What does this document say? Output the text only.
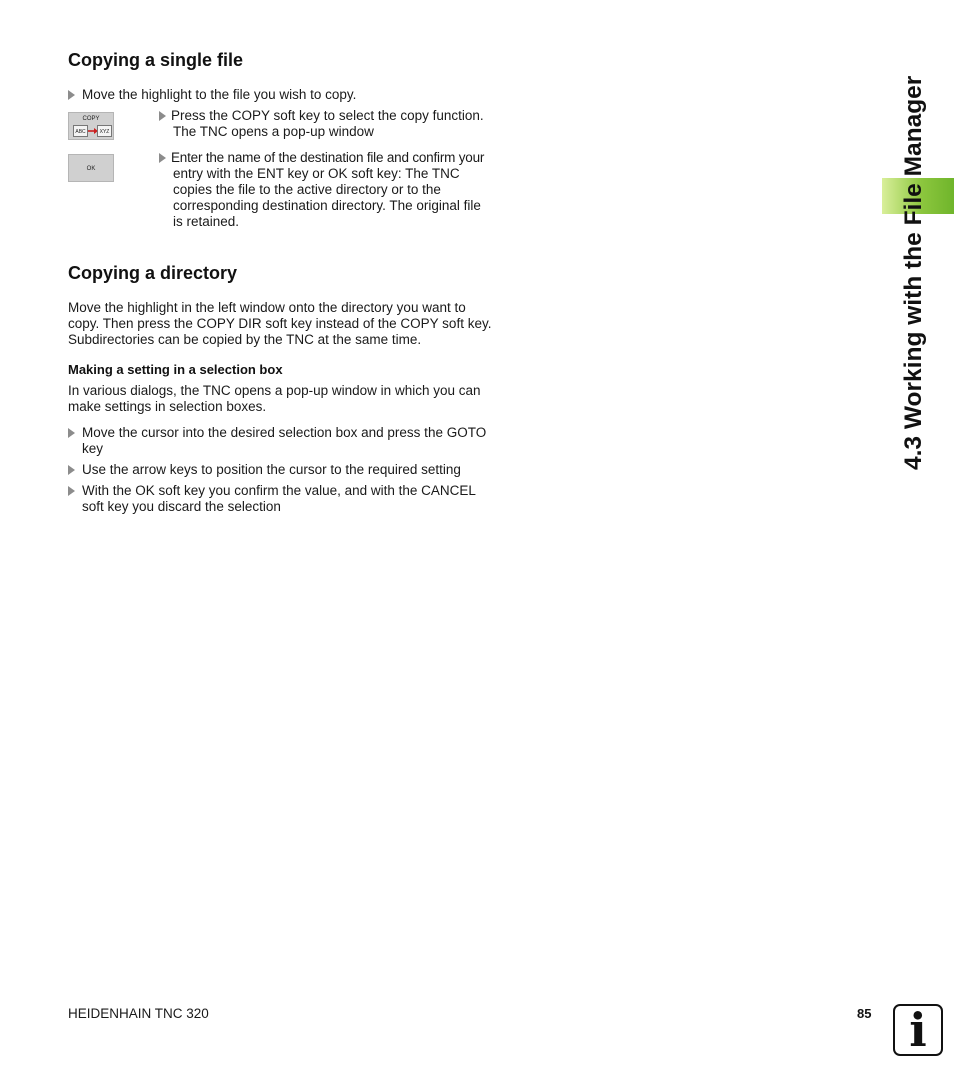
Copying a single file
Move the highlight to the file you wish to copy.
COPY
ABC	XYZ
Press the COPY soft key to select the copy function.
The TNC opens a pop-up window
OK
Enter the name of the destination file and confirm your
entry with the ENT key or OK soft key: The TNC
copies the file to the active directory or to the
corresponding destination directory. The original file
is retained.
Copying a directory
Move the highlight in the left window onto the directory you want to
copy. Then press the COPY DIR soft key instead of the COPY soft key.
Subdirectories can be copied by the TNC at the same time.
Making a setting in a selection box
In various dialogs, the TNC opens a pop-up window in which you can
make settings in selection boxes.
Move the cursor into the desired selection box and press the GOTO
key
Use the arrow keys to position the cursor to the required setting
With the OK soft key you confirm the value, and with the CANCEL
soft key you discard the selection
4.3 Working with the File Manager
HEIDENHAIN TNC 320	85 i
